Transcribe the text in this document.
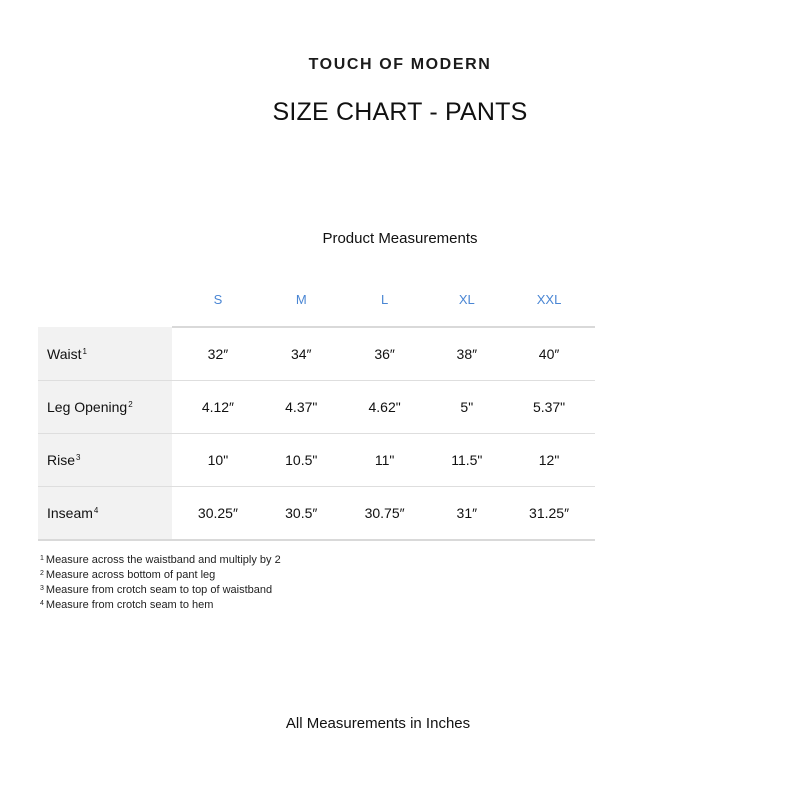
TOUCH OF MODERN
SIZE CHART - PANTS
Product Measurements
	S	M	L	XL	XXL
Waist$^1$	32″	34″	36″	38″	40″
Leg Opening$^2$	4.12″	4.37"	4.62"	5"	5.37"
Rise$^3$	10"	10.5"	11"	11.5"	12"
Inseam$^4$	30.25″	30.5″	30.75″	31″	31.25″
$^1$ Measure across the waistband and multiply by 2
$^2$ Measure across bottom of pant leg
$^3$ Measure from crotch seam to top of waistband
$^4$ Measure from crotch seam to hem
All Measurements in Inches
